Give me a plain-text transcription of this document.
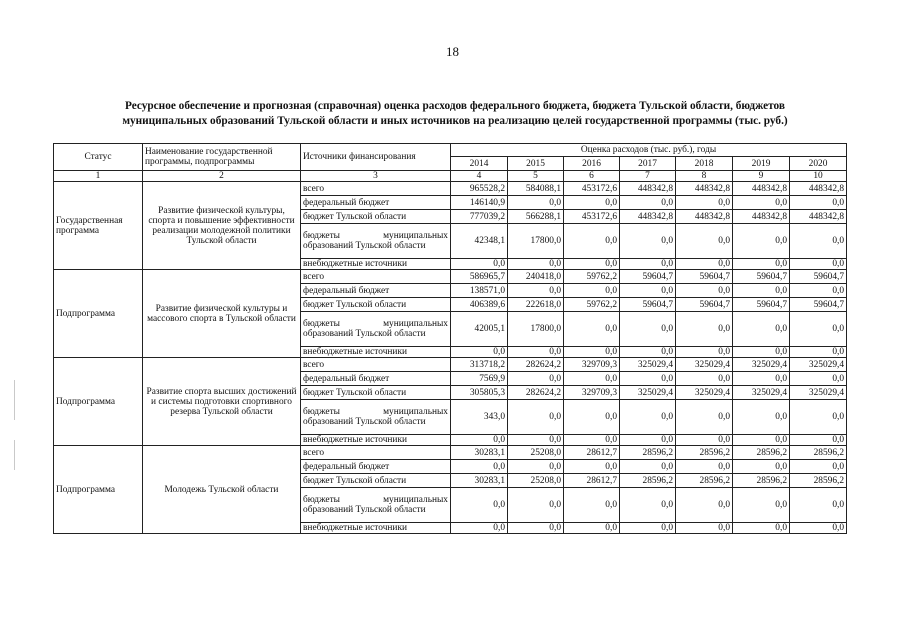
18
Ресурсное обеспечение и прогнозная (справочная) оценка расходов федерального бюджета, бюджета Тульской области, бюджетов
муниципальных образований Тульской области и иных источников на реализацию целей государственной программы (тыс. руб.)
Статус	Наименование государственной программы, подпрограммы	Источники финансирования	Оценка расходов (тыс. руб.), годы						
			2014	2015	2016	2017	2018	2019	2020
1	2	3	4	5	6	7	8	9	10
Государственная программа	Развитие физической культуры, спорта и повышение эффективности реализации молодежной политики Тульской области	всего	965528,2	584088,1	453172,6	448342,8	448342,8	448342,8	448342,8
		федеральный бюджет	146140,9	0,0	0,0	0,0	0,0	0,0	0,0
		бюджет Тульской области	777039,2	566288,1	453172,6	448342,8	448342,8	448342,8	448342,8
		бюджеты муниципальных образований Тульской области	42348,1	17800,0	0,0	0,0	0,0	0,0	0,0
		внебюджетные источники	0,0	0,0	0,0	0,0	0,0	0,0	0,0
Подпрограмма	Развитие физической культуры и массового спорта в Тульской области	всего	586965,7	240418,0	59762,2	59604,7	59604,7	59604,7	59604,7
		федеральный бюджет	138571,0	0,0	0,0	0,0	0,0	0,0	0,0
		бюджет Тульской области	406389,6	222618,0	59762,2	59604,7	59604,7	59604,7	59604,7
		бюджеты муниципальных образований Тульской области	42005,1	17800,0	0,0	0,0	0,0	0,0	0,0
		внебюджетные источники	0,0	0,0	0,0	0,0	0,0	0,0	0,0
Подпрограмма	Развитие спорта высших достижений и системы подготовки спортивного резерва Тульской области	всего	313718,2	282624,2	329709,3	325029,4	325029,4	325029,4	325029,4
		федеральный бюджет	7569,9	0,0	0,0	0,0	0,0	0,0	0,0
		бюджет Тульской области	305805,3	282624,2	329709,3	325029,4	325029,4	325029,4	325029,4
		бюджеты муниципальных образований Тульской области	343,0	0,0	0,0	0,0	0,0	0,0	0,0
		внебюджетные источники	0,0	0,0	0,0	0,0	0,0	0,0	0,0
Подпрограмма	Молодежь Тульской области	всего	30283,1	25208,0	28612,7	28596,2	28596,2	28596,2	28596,2
		федеральный бюджет	0,0	0,0	0,0	0,0	0,0	0,0	0,0
		бюджет Тульской области	30283,1	25208,0	28612,7	28596,2	28596,2	28596,2	28596,2
		бюджеты муниципальных образований Тульской области	0,0	0,0	0,0	0,0	0,0	0,0	0,0
		внебюджетные источники	0,0	0,0	0,0	0,0	0,0	0,0	0,0
